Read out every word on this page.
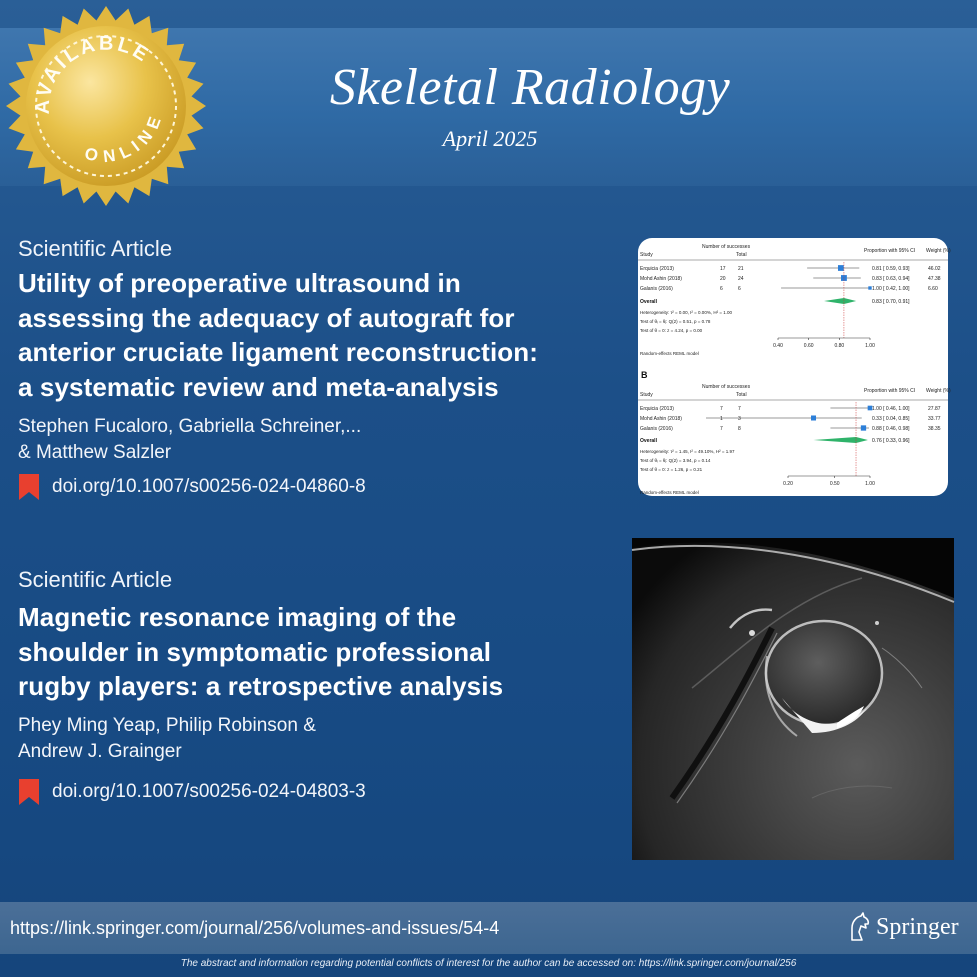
Skeletal Radiology
April 2025
AVAILABLE
ONLINE
Scientific Article
Utility of preoperative ultrasound in
assessing the adequacy of autograft for
anterior cruciate ligament reconstruction:
a systematic review and meta-analysis
Stephen Fucaloro, Gabriella Schreiner,...
& Matthew Salzler
doi.org/10.1007/s00256-024-04860-8
Scientific Article
Magnetic resonance imaging of the
shoulder in symptomatic professional
rugby players: a retrospective analysis
Phey Ming Yeap, Philip Robinson &
Andrew J. Grainger
doi.org/10.1007/s00256-024-04803-3
Study
Number of successes
Total
Proportion with 95% CI Weight (%)
Erquicia (2013)	17 21	0.81 [ 0.59, 0.93]	46.02
Mohd Ashin (2018)	20 24	0.83 [ 0.63, 0.94]	47.38
Galanis (2016)	6	6	1.00 [ 0.42, 1.00]	6.60
Overall	0.83 [ 0.70, 0.91]
Heterogeneity: τ² = 0.00, I² = 0.00%, H² = 1.00
Test of θᵢ = θⱼ: Q(2) = 0.51, p = 0.78
Test of θ = 0: z = 4.24, p = 0.00
0.40	0.60	0.80	1.00
Random-effects REML model
B
Study
Number of successes
Total
Proportion with 95% CI Weight (%)
Erquicia (2013)	7	7	1.00 [ 0.46, 1.00]	27.87
Mohd Ashin (2018)	1	3	0.33 [ 0.04, 0.85]	33.77
Galanis (2016)	7	8	0.88 [ 0.46, 0.98]	38.35
Overall	0.76 [ 0.33, 0.96]
Heterogeneity: τ² = 1.45, I² = 49.10%, H² = 1.97
Test of θᵢ = θⱼ: Q(2) = 3.94, p = 0.14
Test of θ = 0: z = 1.26, p = 0.21
0.20	0.50	1.00
Random-effects REML model
https://link.springer.com/journal/256/volumes-and-issues/54-4	Springer
The abstract and information regarding potential conflicts of interest for the author can be accessed on: https://link.springer.com/journal/256
